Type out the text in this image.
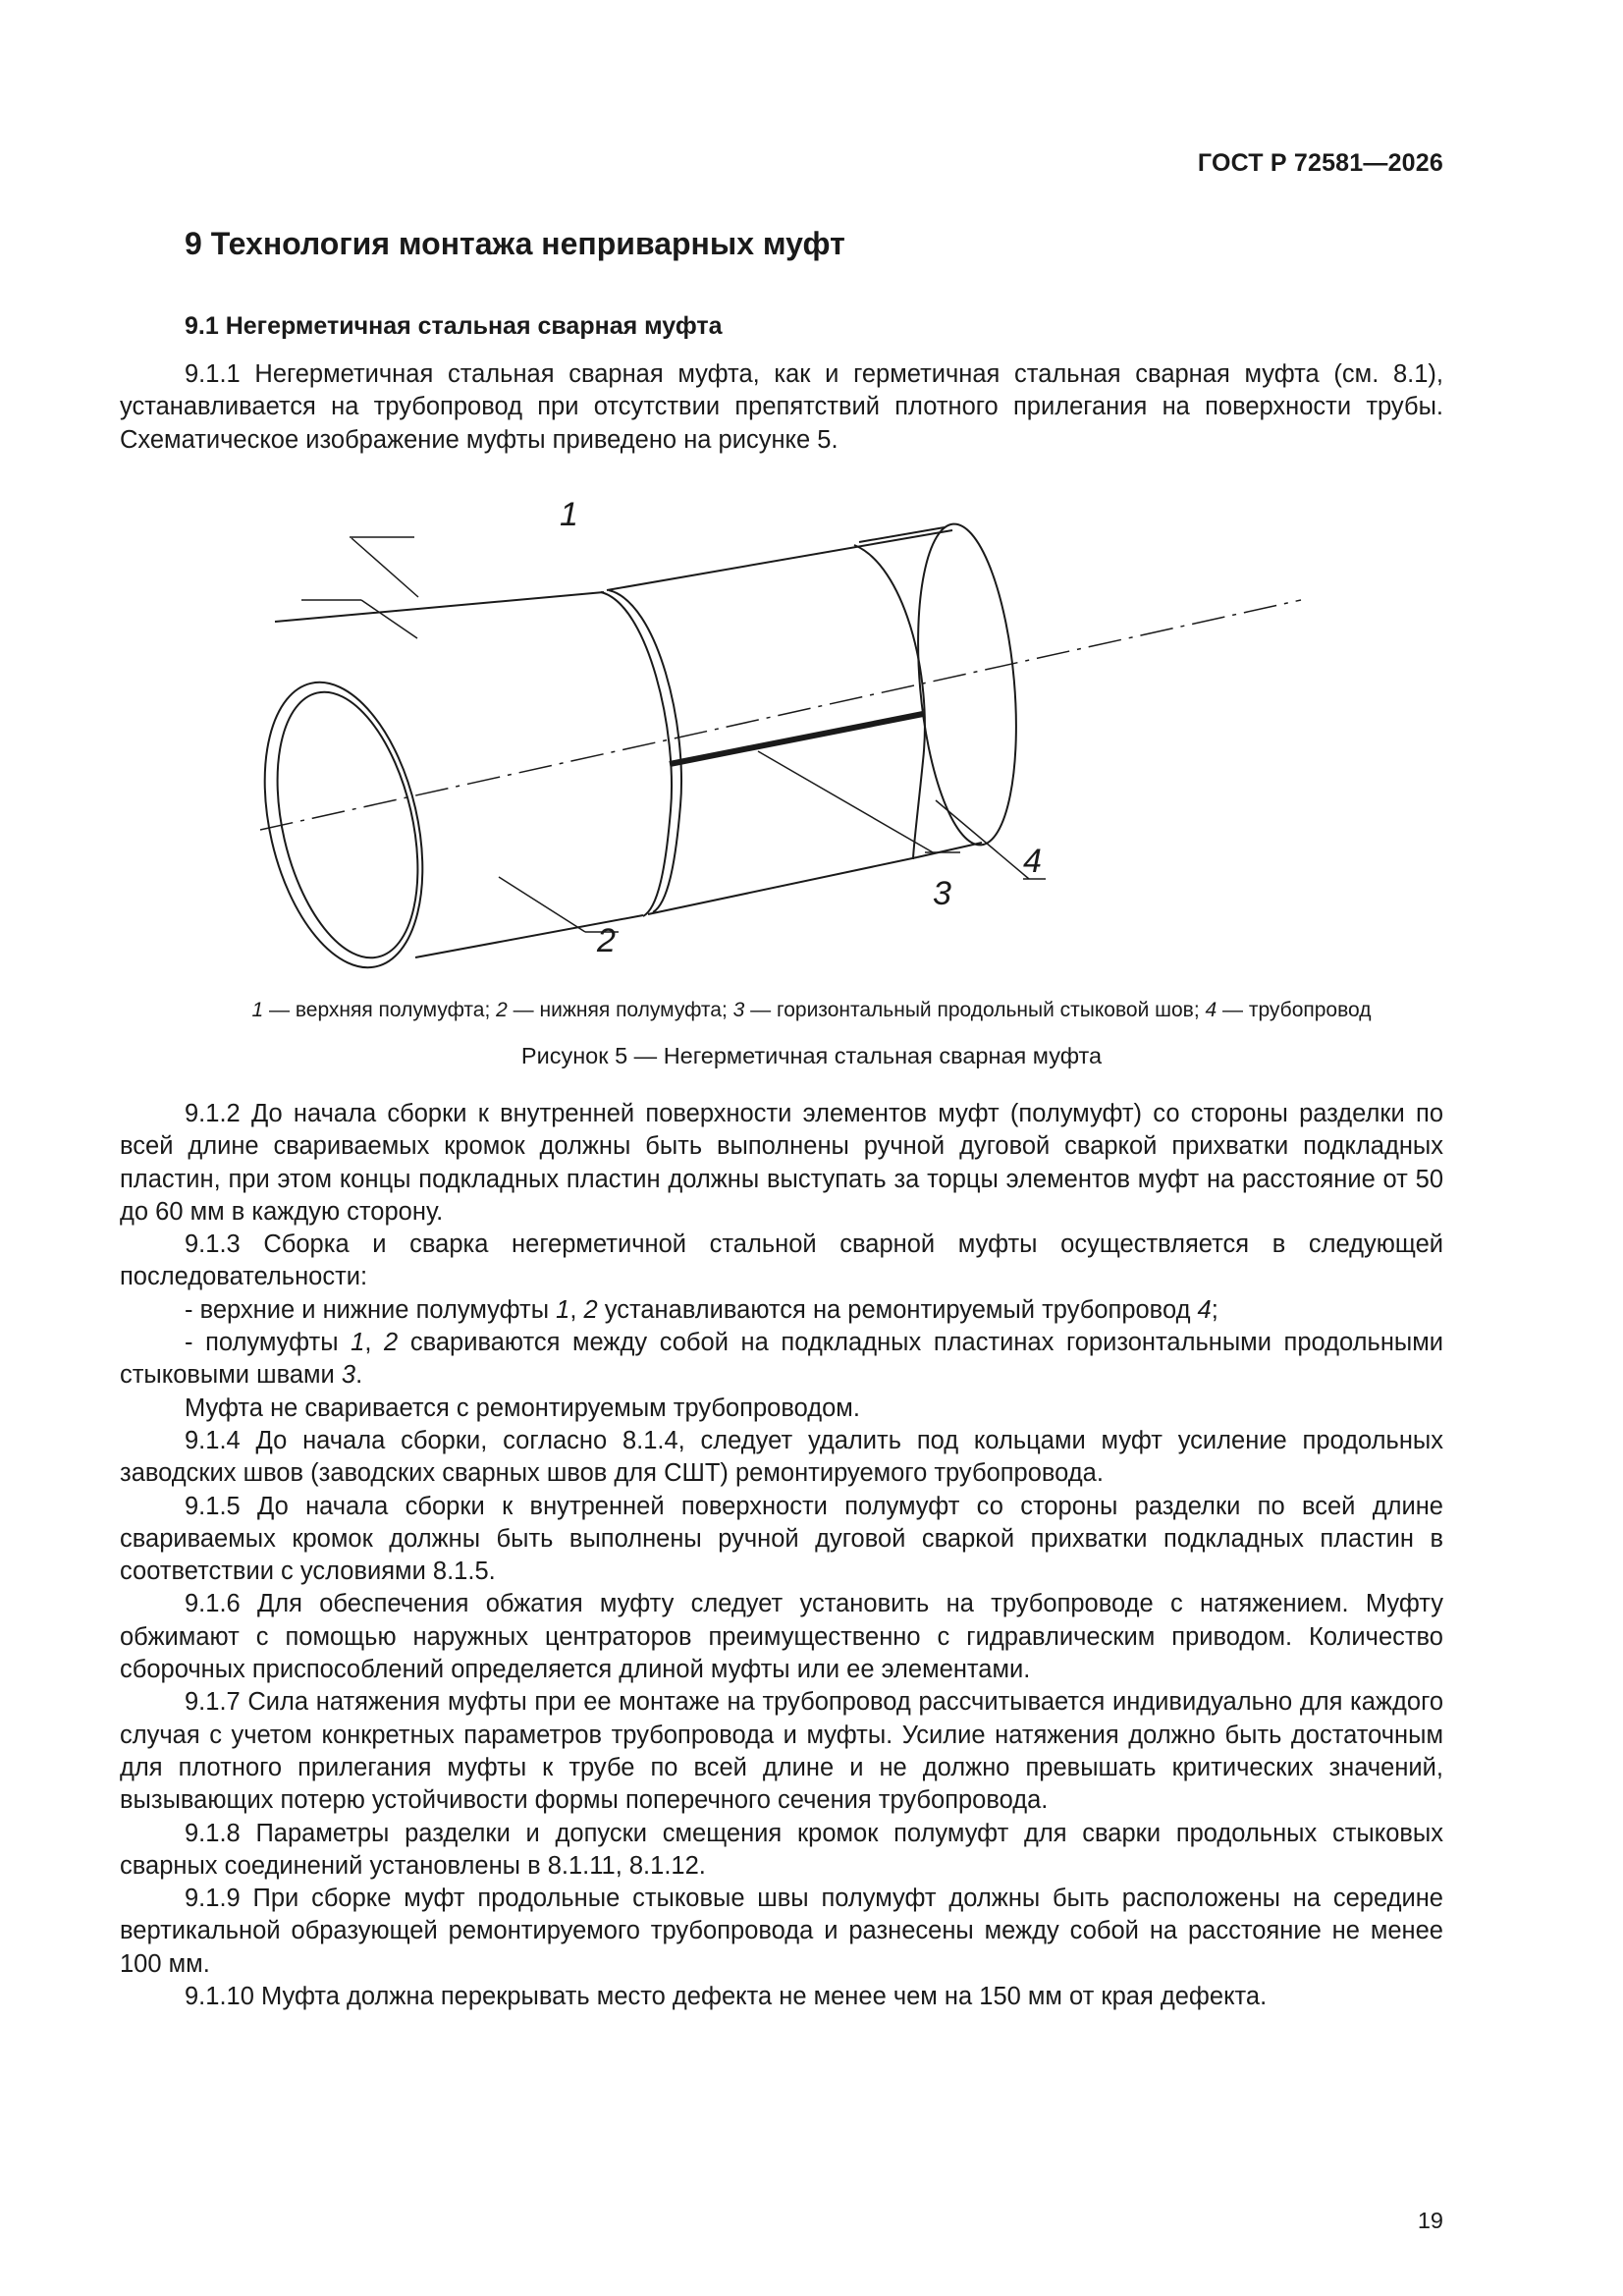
ГОСТ Р 72581—2026
9 Технология монтажа неприварных муфт
9.1 Негерметичная стальная сварная муфта

9.1.1 Негерметичная стальная сварная муфта, как и герметичная стальная сварная муфта (см. 8.1), устанавливается на трубопровод при отсутствии препятствий плотного прилегания на поверхности трубы. Схематическое изображение муфты приведено на рисунке 5.

1
2
3
4
1 — верхняя полумуфта; 2 — нижняя полумуфта; 3 — горизонтальный продольный стыковой шов; 4 — трубопровод
Рисунок 5 — Негерметичная стальная сварная муфта

9.1.2 До начала сборки к внутренней поверхности элементов муфт (полумуфт) со стороны разделки по всей длине свариваемых кромок должны быть выполнены ручной дуговой сваркой прихватки подкладных пластин, при этом концы подкладных пластин должны выступать за торцы элементов муфт на расстояние от 50 до 60 мм в каждую сторону.

9.1.3 Сборка и сварка негерметичной стальной сварной муфты осуществляется в следующей последовательности:

- верхние и нижние полумуфты 1, 2 устанавливаются на ремонтируемый трубопровод 4;

- полумуфты 1, 2 свариваются между собой на подкладных пластинах горизонтальными продольными стыковыми швами 3.

Муфта не сваривается с ремонтируемым трубопроводом.

9.1.4 До начала сборки, согласно 8.1.4, следует удалить под кольцами муфт усиление продольных заводских швов (заводских сварных швов для СШТ) ремонтируемого трубопровода.

9.1.5 До начала сборки к внутренней поверхности полумуфт со стороны разделки по всей длине свариваемых кромок должны быть выполнены ручной дуговой сваркой прихватки подкладных пластин в соответствии с условиями 8.1.5.

9.1.6 Для обеспечения обжатия муфту следует установить на трубопроводе с натяжением. Муфту обжимают с помощью наружных центраторов преимущественно с гидравлическим приводом. Количество сборочных приспособлений определяется длиной муфты или ее элементами.

9.1.7 Сила натяжения муфты при ее монтаже на трубопровод рассчитывается индивидуально для каждого случая с учетом конкретных параметров трубопровода и муфты. Усилие натяжения должно быть достаточным для плотного прилегания муфты к трубе по всей длине и не должно превышать критических значений, вызывающих потерю устойчивости формы поперечного сечения трубопровода.

9.1.8 Параметры разделки и допуски смещения кромок полумуфт для сварки продольных стыковых сварных соединений установлены в 8.1.11, 8.1.12.

9.1.9 При сборке муфт продольные стыковые швы полумуфт должны быть расположены на середине вертикальной образующей ремонтируемого трубопровода и разнесены между собой на расстояние не менее 100 мм.

9.1.10 Муфта должна перекрывать место дефекта не менее чем на 150 мм от края дефекта.

19
